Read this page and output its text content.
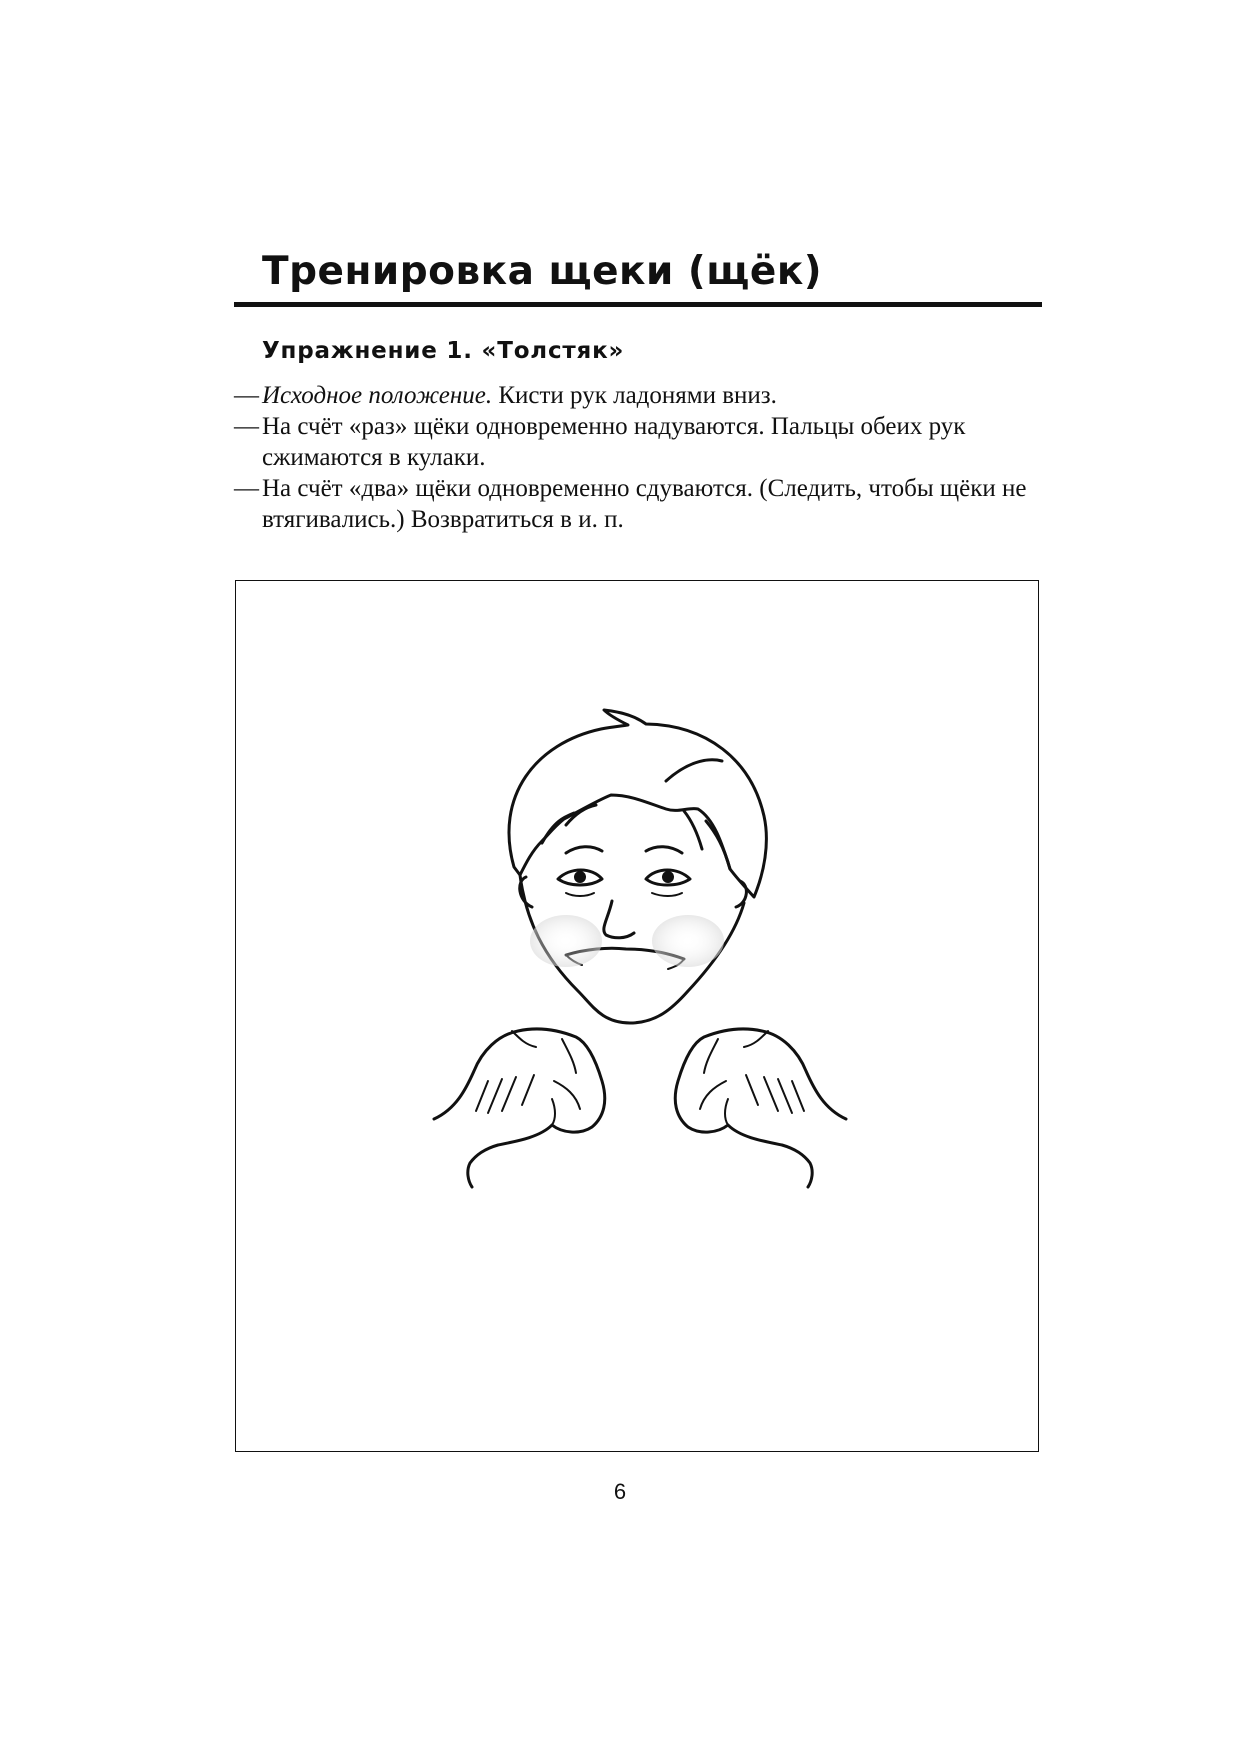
Тренировка щеки (щёк)
Упражнение 1. «Толстяк»
— Исходное положение. Кисти рук ладонями вниз.
— На счёт «раз» щёки одновременно надуваются. Пальцы обеих рук сжимаются в кулаки.
— На счёт «два» щёки одновременно сдуваются. (Следить, чтобы щёки не втягивались.) Возвратиться в и. п.
6
